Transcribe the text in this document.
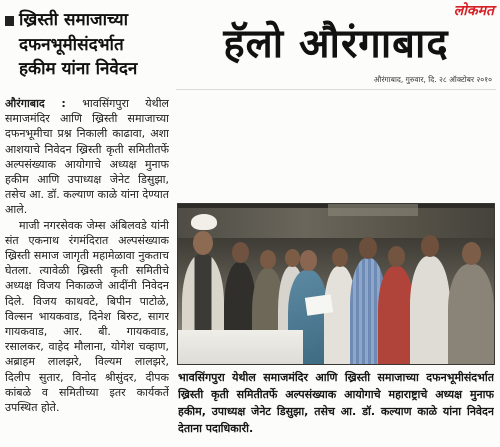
ख्रिस्ती समाजाच्या
दफनभूमीसंदर्भात
हकीम यांना निवेदन

औरंगाबाद : भावसिंगपुरा येथील समाजमंदिर आणि ख्रिस्ती समाजाच्या दफनभूमीचा प्रश्न निकाली काढावा, अशा आशयाचे निवेदन ख्रिस्ती कृती समितीतर्फे अल्पसंख्याक आयोगाचे अध्यक्ष मुनाफ हकीम आणि उपाध्यक्ष जेनेट डिसुझा, तसेच आ. डॉ. कल्याण काळे यांना देण्यात आले.

माजी नगरसेवक जेम्स अंबिलवडे यांनी संत एकनाथ रंगमंदिरात अल्पसंख्याक ख्रिस्ती समाज जागृती महामेळावा नुकताच घेतला. त्यावेळी ख्रिस्ती कृती समितीचे अध्यक्ष विजय निकाळजे आदींनी निवेदन दिले. विजय काथवटे, बिपीन पाटोळे, विल्सन भायकवाड, दिनेश बिरुट, सागर गायकवाड, आर. बी. गायकवाड, रसालकर, वाहेद मौलाना, योगेश चव्हाण, अब्राहम लालझरे, विल्यम लालझरे, दिलीप सुतार, विनोद श्रीसुंदर, दीपक कांबळे व समितीच्या इतर कार्यकर्ते उपस्थित होते.

लोकमत
हॅलो औरंगाबाद
औरंगाबाद, गुरुवार, दि. २८ ऑक्टोबर २०१०
भावसिंगपुरा येथील समाजमंदिर आणि ख्रिस्ती समाजाच्या दफनभूमीसंदर्भात ख्रिस्ती कृती समितीतर्फे अल्पसंख्याक आयोगाचे महाराष्ट्राचे अध्यक्ष मुनाफ हकीम, उपाध्यक्ष जेनेट डिसुझा, तसेच आ. डॉ. कल्याण काळे यांना निवेदन देताना पदाधिकारी.
